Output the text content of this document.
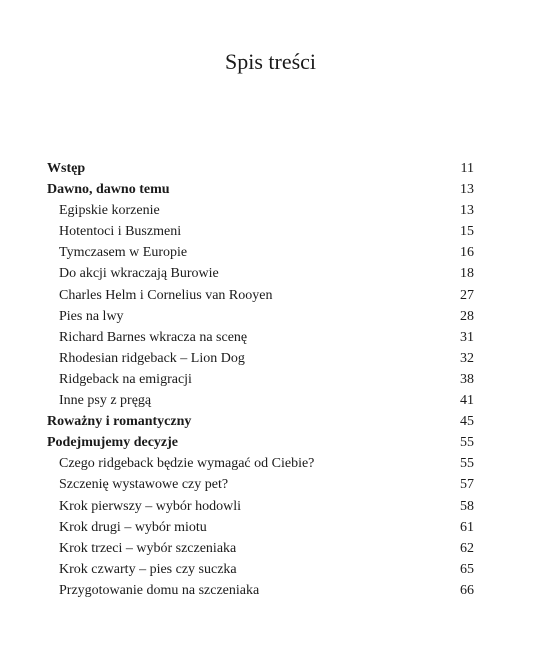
Spis treści
Wstęp	11
Dawno, dawno temu	13
Egipskie korzenie	13
Hotentoci i Buszmeni	15
Tymczasem w Europie	16
Do akcji wkraczają Burowie	18
Charles Helm i Cornelius van Rooyen	27
Pies na lwy	28
Richard Barnes wkracza na scenę	31
Rhodesian ridgeback – Lion Dog	32
Ridgeback na emigracji	38
Inne psy z pręgą	41
Roważny i romantyczny	45
Podejmujemy decyzje	55
Czego ridgeback będzie wymagać od Ciebie?	55
Szczenię wystawowe czy pet?	57
Krok pierwszy – wybór hodowli	58
Krok drugi – wybór miotu	61
Krok trzeci – wybór szczeniaka	62
Krok czwarty – pies czy suczka	65
Przygotowanie domu na szczeniaka	66
